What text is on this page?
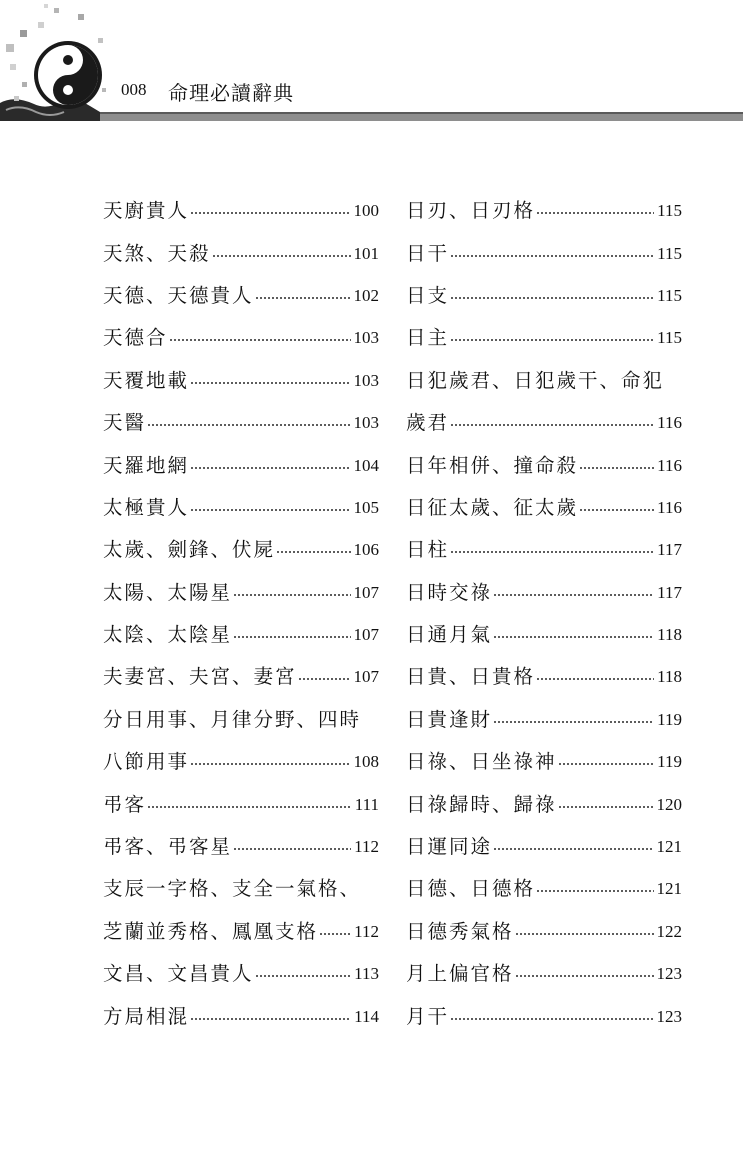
008 命理必讀辭典
天廚貴人	100
天煞、天殺	101
天德、天德貴人	102
天德合	103
天覆地載	103
天醫	103
天羅地網	104
太極貴人	105
太歲、劍鋒、伏屍	106
太陽、太陽星	107
太陰、太陰星	107
夫妻宮、夫宮、妻宮	107
分日用事、月律分野、四時
八節用事	108
弔客	111
弔客、弔客星	112
支辰一字格、支全一氣格、
芝蘭並秀格、鳳凰支格 112
文昌、文昌貴人	113
方局相混	114
日刃、日刃格	115
日干	115
日支	115
日主	115
日犯歲君、日犯歲干、命犯
歲君	116
日年相併、撞命殺	116
日征太歲、征太歲	116
日柱	117
日時交祿	117
日通月氣	118
日貴、日貴格	118
日貴逢財	119
日祿、日坐祿神	119
日祿歸時、歸祿	120
日運同途	121
日德、日德格	121
日德秀氣格	122
月上偏官格	123
月干	123
